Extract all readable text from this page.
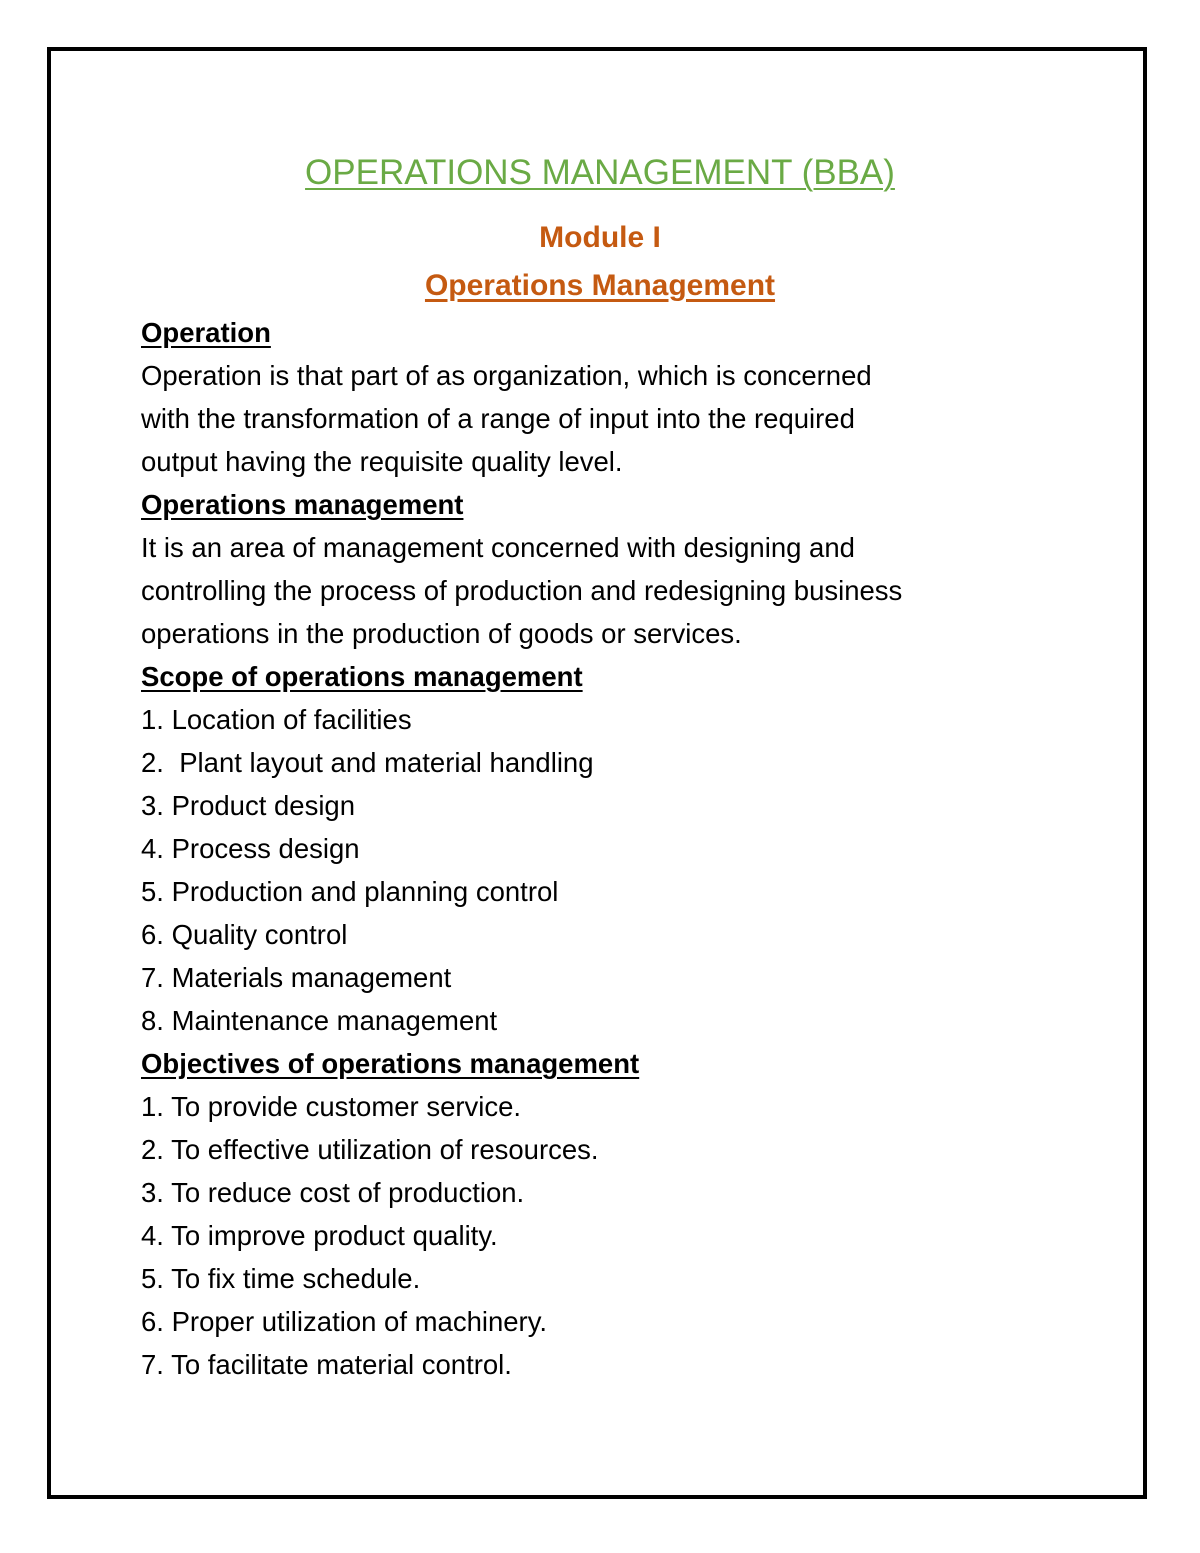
OPERATIONS MANAGEMENT (BBA)
Module I
Operations Management
Operation
Operation is that part of as organization, which is concerned
with the transformation of a range of input into the required
output having the requisite quality level.
Operations management
It is an area of management concerned with designing and
controlling the process of production and redesigning business
operations in the production of goods or services.
Scope of operations management
1. Location of facilities
2.  Plant layout and material handling
3. Product design
4. Process design
5. Production and planning control
6. Quality control
7. Materials management
8. Maintenance management
Objectives of operations management
1. To provide customer service.
2. To effective utilization of resources.
3. To reduce cost of production.
4. To improve product quality.
5. To fix time schedule.
6. Proper utilization of machinery.
7. To facilitate material control.
